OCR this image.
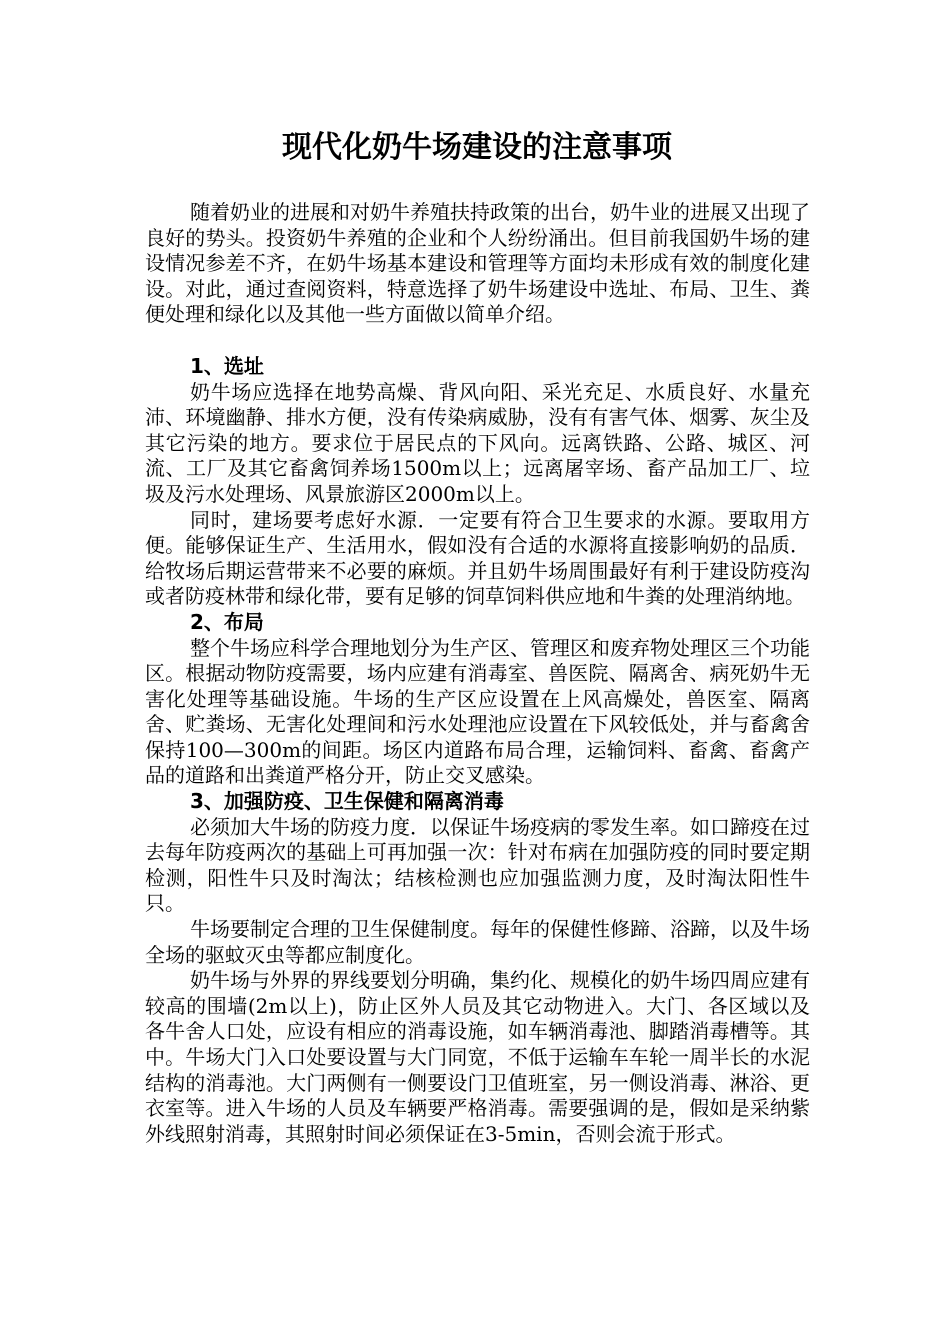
现代化奶牛场建设的注意事项

随着奶业的进展和对奶牛养殖扶持政策的出台，奶牛业的进展又出现了良好的势头。投资奶牛养殖的企业和个人纷纷涌出。但目前我国奶牛场的建设情况参差不齐，在奶牛场基本建设和管理等方面均未形成有效的制度化建设。对此，通过查阅资料，特意选择了奶牛场建设中选址、布局、卫生、粪便处理和绿化以及其他一些方面做以简单介绍。

1、选址

奶牛场应选择在地势高燥、背风向阳、采光充足、水质良好、水量充沛、环境幽静、排水方便，没有传染病威胁，没有有害气体、烟雾、灰尘及其它污染的地方。要求位于居民点的下风向。远离铁路、公路、城区、河流、工厂及其它畜禽饲养场1500m以上；远离屠宰场、畜产品加工厂、垃圾及污水处理场、风景旅游区2000m以上。

同时，建场要考虑好水源．一定要有符合卫生要求的水源。要取用方便。能够保证生产、生活用水，假如没有合适的水源将直接影响奶的品质．给牧场后期运营带来不必要的麻烦。并且奶牛场周围最好有利于建设防疫沟或者防疫林带和绿化带，要有足够的饲草饲料供应地和牛粪的处理消纳地。

2、布局

整个牛场应科学合理地划分为生产区、管理区和废弃物处理区三个功能区。根据动物防疫需要，场内应建有消毒室、兽医院、隔离舍、病死奶牛无害化处理等基础设施。牛场的生产区应设置在上风高燥处，兽医室、隔离舍、贮粪场、无害化处理间和污水处理池应设置在下风较低处，并与畜禽舍保持100—300m的间距。场区内道路布局合理，运输饲料、畜禽、畜禽产品的道路和出粪道严格分开，防止交叉感染。

3、加强防疫、卫生保健和隔离消毒

必须加大牛场的防疫力度．以保证牛场疫病的零发生率。如口蹄疫在过去每年防疫两次的基础上可再加强一次：针对布病在加强防疫的同时要定期检测，阳性牛只及时淘汰；结核检测也应加强监测力度，及时淘汰阳性牛只。

牛场要制定合理的卫生保健制度。每年的保健性修蹄、浴蹄，以及牛场全场的驱蚊灭虫等都应制度化。

奶牛场与外界的界线要划分明确，集约化、规模化的奶牛场四周应建有较高的围墙(2m以上)，防止区外人员及其它动物进入。大门、各区域以及各牛舍人口处，应设有相应的消毒设施，如车辆消毒池、脚踏消毒槽等。其中。牛场大门入口处要设置与大门同宽，不低于运输车车轮一周半长的水泥结构的消毒池。大门两侧有一侧要设门卫值班室，另一侧设消毒、淋浴、更衣室等。进入牛场的人员及车辆要严格消毒。需要强调的是，假如是采纳紫外线照射消毒，其照射时间必须保证在3-5min，否则会流于形式。
